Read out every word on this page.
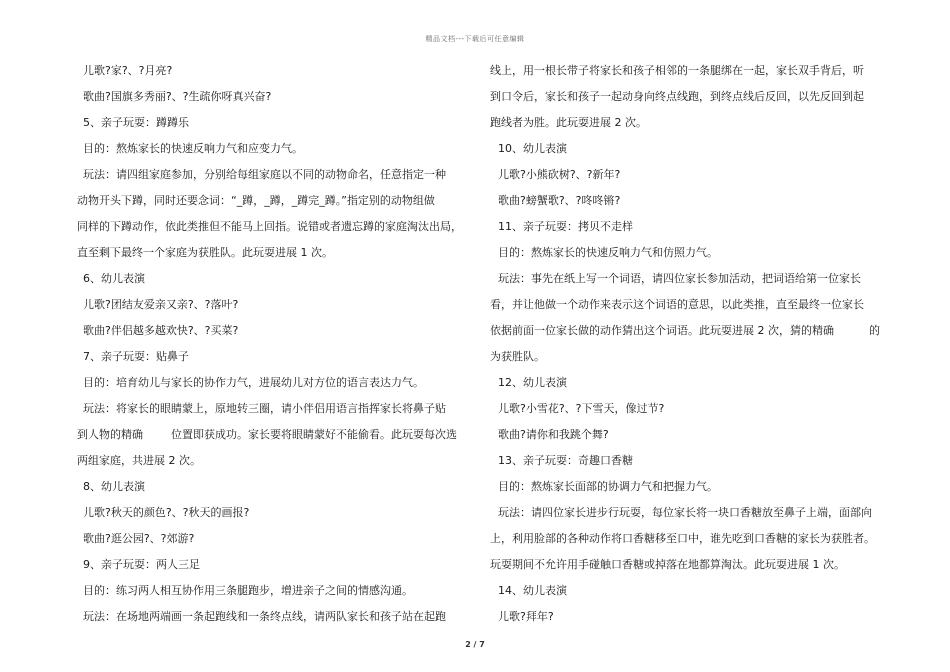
精品文档---下载后可任意编辑

儿歌?家?、?月亮?

歌曲?国旗多秀丽?、?生疏你呀真兴奋?

5、亲子玩耍：蹲蹲乐

目的：熬炼家长的快速反响力气和应变力气。

玩法：请四组家庭参加，分别给每组家庭以不同的动物命名，任意指定一种

动物开头下蹲，同时还要念词：“_蹲，_蹲，_蹲完_蹲。”指定别的动物组做

同样的下蹲动作，依此类推但不能马上回指。说错或者遗忘蹲的家庭淘汰出局，

直至剩下最终一个家庭为获胜队。此玩耍进展 1 次。

6、幼儿表演

儿歌?团结友爱亲又亲?、?落叶?

歌曲?伴侣越多越欢快?、?买菜?

7、亲子玩耍：贴鼻子

目的：培育幼儿与家长的协作力气，进展幼儿对方位的语言表达力气。

玩法：将家长的眼睛蒙上，原地转三圈，请小伴侣用语言指挥家长将鼻子贴

到人物的精确        位置即获成功。家长要将眼睛蒙好不能偷看。此玩耍每次选

两组家庭，共进展 2 次。

8、幼儿表演

儿歌?秋天的颜色?、?秋天的画报?

歌曲?逛公园?、?郊游?

9、亲子玩耍：两人三足

目的：练习两人相互协作用三条腿跑步，增进亲子之间的情感沟通。

玩法：在场地两端画一条起跑线和一条终点线，请两队家长和孩子站在起跑

线上，用一根长带子将家长和孩子相邻的一条腿绑在一起，家长双手背后，听

到口令后，家长和孩子一起动身向终点线跑，到终点线后反回，以先反回到起

跑线者为胜。此玩耍进展 2 次。

10、幼儿表演

儿歌?小熊砍树?、?新年?

歌曲?螃蟹歌?、?咚咚锵?

11、亲子玩耍：拷贝不走样

目的：熬炼家长的快速反响力气和仿照力气。

玩法：事先在纸上写一个词语，请四位家长参加活动，把词语给第一位家长

看，并让他做一个动作来表示这个词语的意思，以此类推，直至最终一位家长

依据前面一位家长做的动作猜出这个词语。此玩耍进展 2 次，猜的精确          的

为获胜队。

12、幼儿表演

儿歌?小雪花?、?下雪天，像过节?

歌曲?请你和我跳个舞?

13、亲子玩耍：奇趣口香糖

目的：熬炼家长面部的协调力气和把握力气。

玩法：请四位家长进步行玩耍，每位家长将一块口香糖放至鼻子上端，面部向

上，利用脸部的各种动作将口香糖移至口中，谁先吃到口香糖的家长为获胜者。

玩耍期间不允许用手碰触口香糖或掉落在地都算淘汰。此玩耍进展 1 次。

14、幼儿表演

儿歌?拜年?

2 / 7
